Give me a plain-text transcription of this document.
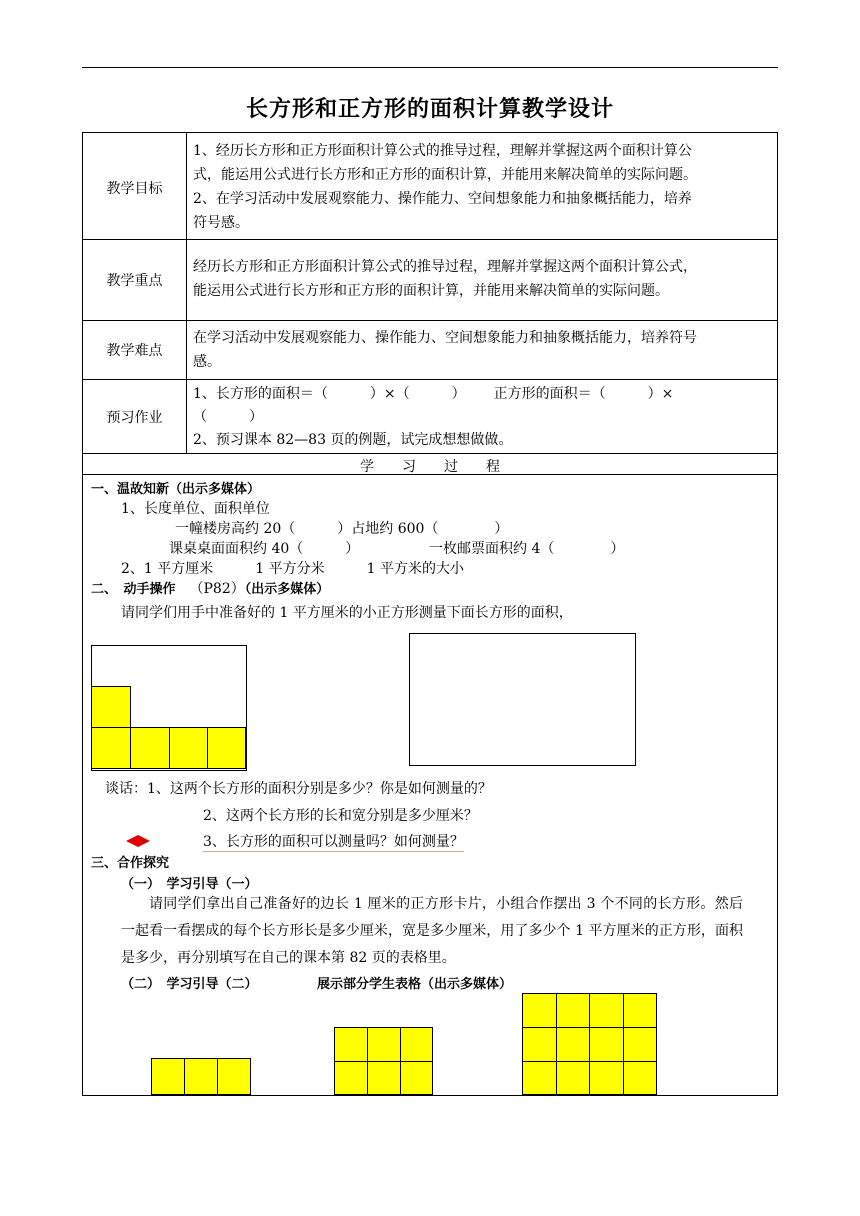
长方形和正方形的面积计算教学设计
教学目标
1、经历长方形和正方形面积计算公式的推导过程，理解并掌握这两个面积计算公
式，能运用公式进行长方形和正方形的面积计算，并能用来解决简单的实际问题。
2、在学习活动中发展观察能力、操作能力、空间想象能力和抽象概括能力，培养
符号感。
教学重点
经历长方形和正方形面积计算公式的推导过程，理解并掌握这两个面积计算公式，
能运用公式进行长方形和正方形的面积计算，并能用来解决简单的实际问题。
教学难点
在学习活动中发展观察能力、操作能力、空间想象能力和抽象概括能力，培养符号
感。
预习作业
1、长方形的面积＝（　　　）×（　　　） 正方形的面积＝（　　　）×
（　　　）
2、预习课本 82—83 页的例题，试完成想想做做。
学　　习　　过　　程
一、温故知新（出示多媒体）
1、长度单位、面积单位
一幢楼房高约 20（　　　）占地约 600（　　　　）
课桌桌面面积约 40（　　　）	一枚邮票面积约 4（　　　　）
2、1 平方厘米　　　1 平方分米　　　1 平方米的大小
二、　动手操作 （P82）（出示多媒体）
请同学们用手中准备好的 1 平方厘米的小正方形测量下面长方形的面积，
谈话：1、这两个长方形的面积分别是多少？你是如何测量的？
2、这两个长方形的长和宽分别是多少厘米？
3、长方形的面积可以测量吗？如何测量？
三、合作探究
（一）　学习引导（一）
请同学们拿出自己准备好的边长 1 厘米的正方形卡片，小组合作摆出 3 个不同的长方形。然后一起看一看摆成的每个长方形长是多少厘米，宽是多少厘米，用了多少个 1 平方厘米的正方形，面积是多少，再分别填写在自己的课本第 82 页的表格里。
（二）　学习引导（二）	展示部分学生表格（出示多媒体）
